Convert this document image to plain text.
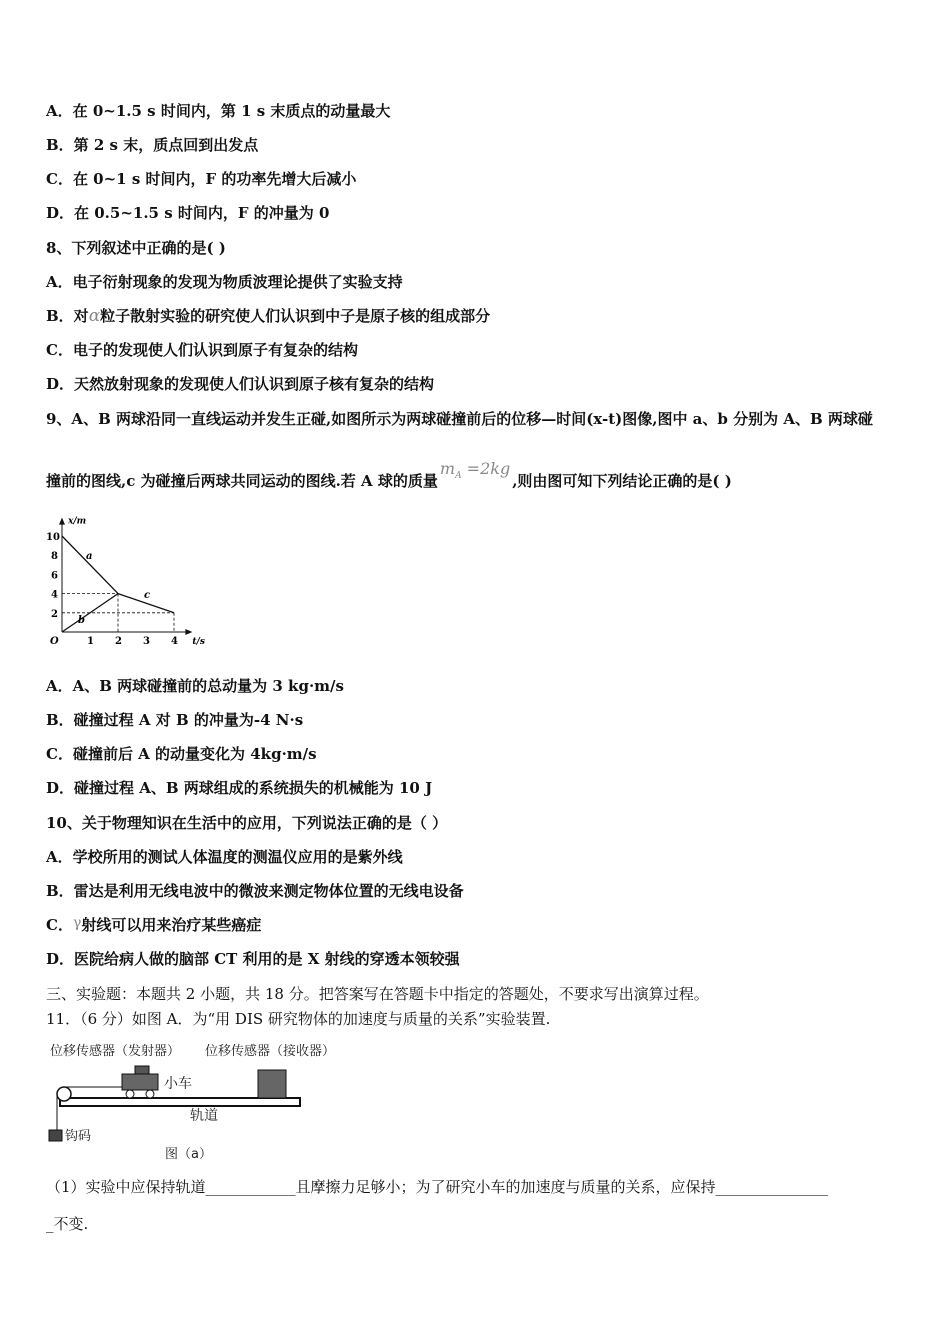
A．在 0~1.5 s 时间内，第 1 s 末质点的动量最大
B．第 2 s 末，质点回到出发点
C．在 0~1 s 时间内，F 的功率先增大后减小
D．在 0.5~1.5 s 时间内，F 的冲量为 0
8、下列叙述中正确的是( )
A．电子衍射现象的发现为物质波理论提供了实验支持
B．对α粒子散射实验的研究使人们认识到中子是原子核的组成部分
C．电子的发现使人们认识到原子有复杂的结构
D．天然放射现象的发现使人们认识到原子核有复杂的结构
9、A、B 两球沿同一直线运动并发生正碰,如图所示为两球碰撞前后的位移—时间(x-t)图像,图中 a、b 分别为 A、B 两球碰
撞前的图线,c 为碰撞后两球共同运动的图线.若 A 球的质量$m_A =2kg$,则由图可知下列结论正确的是( )
x/m
t/s
O	1 2 3 4
2
4
6
8
10
a
b
c
A．A、B 两球碰撞前的总动量为 3 kg·m/s
B．碰撞过程 A 对 B 的冲量为-4 N·s
C．碰撞前后 A 的动量变化为 4kg·m/s
D．碰撞过程 A、B 两球组成的系统损失的机械能为 10 J
10、关于物理知识在生活中的应用，下列说法正确的是（ ）
A．学校所用的测试人体温度的测温仪应用的是紫外线
B．雷达是利用无线电波中的微波来测定物体位置的无线电设备
C．γ射线可以用来治疗某些癌症
D．医院给病人做的脑部 CT 利用的是 X 射线的穿透本领较强
三、实验题：本题共 2 小题，共 18 分。把答案写在答题卡中指定的答题处，不要求写出演算过程。
11．（6 分）如图 A．为“用 DIS 研究物体的加速度与质量的关系”实验装置.
位移传感器（发射器） 位移传感器（接收器）
轨道
钩码
小车
图（a）
（1）实验中应保持轨道____________且摩擦力足够小；为了研究小车的加速度与质量的关系，应保持_______________
_不变.
